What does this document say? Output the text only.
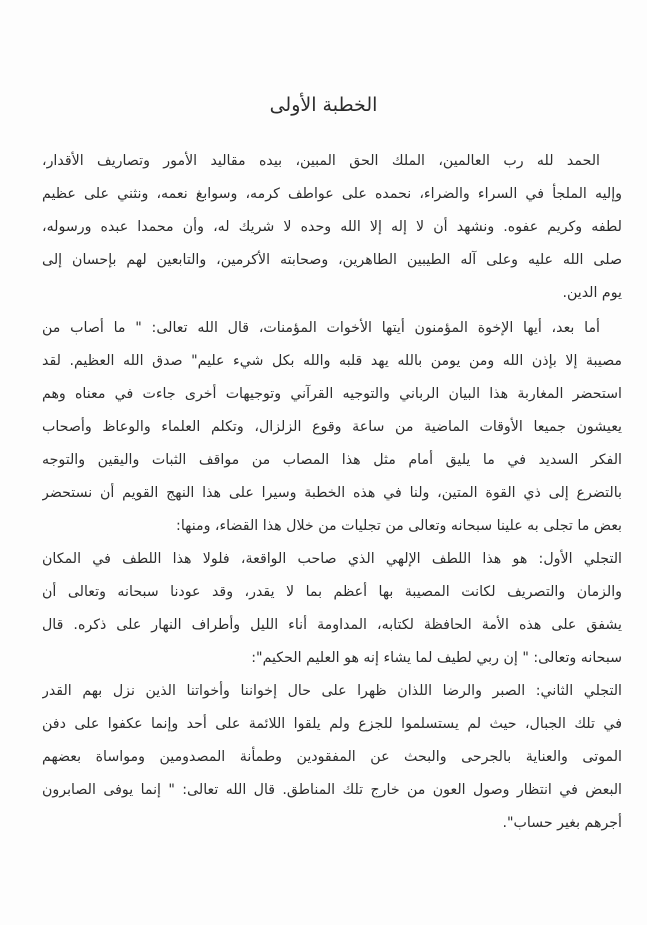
الخطبة الأولى

الحمد لله رب العالمين، الملك الحق المبين، بيده مقاليد الأمور وتصاريف الأقدار،

وإليه الملجأ في السراء والضراء، نحمده على عواطف كرمه، وسوابغ نعمه، ونثني على عظيم

لطفه وكريم عفوه. ونشهد أن لا إله إلا الله وحده لا شريك له، وأن محمدا عبده ورسوله،

صلى الله عليه وعلى آله الطيبين الطاهرين، وصحابته الأكرمين، والتابعين لهم بإحسان إلى

يوم الدين.

أما بعد، أيها الإخوة المؤمنون أيتها الأخوات المؤمنات، قال الله تعالى: " ما أصاب من

مصيبة إلا بإذن الله ومن يومن بالله يهد قلبه والله بكل شيء عليم" صدق الله العظيم. لقد

استحضر المغاربة هذا البيان الرباني والتوجيه القرآني وتوجيهات أخرى جاءت في معناه وهم

يعيشون جميعا الأوقات الماضية من ساعة وقوع الزلزال، وتكلم العلماء والوعاظ وأصحاب

الفكر السديد في ما يليق أمام مثل هذا المصاب من مواقف الثبات واليقين والتوجه

بالتضرع إلى ذي القوة المتين، ولنا في هذه الخطبة وسيرا على هذا النهج القويم أن نستحضر

بعض ما تجلى به علينا سبحانه وتعالى من تجليات من خلال هذا القضاء، ومنها:

التجلي الأول: هو هذا اللطف الإلهي الذي صاحب الواقعة، فلولا هذا اللطف في المكان

والزمان والتصريف لكانت المصيبة بها أعظم بما لا يقدر، وقد عودنا سبحانه وتعالى أن

يشفق على هذه الأمة الحافظة لكتابه، المداومة أناء الليل وأطراف النهار على ذكره. قال

سبحانه وتعالى: " إن ربي لطيف لما يشاء إنه هو العليم الحكيم":

التجلي الثاني: الصبر والرضا اللذان ظهرا على حال إخواننا وأخواتنا الذين نزل بهم القدر

في تلك الجبال، حيث لم يستسلموا للجزع ولم يلقوا اللائمة على أحد وإنما عكفوا على دفن

الموتى والعناية بالجرحى والبحث عن المفقودين وطمأنة المصدومين ومواساة بعضهم

البعض في انتظار وصول العون من خارج تلك المناطق. قال الله تعالى: " إنما يوفى الصابرون

أجرهم بغير حساب".
